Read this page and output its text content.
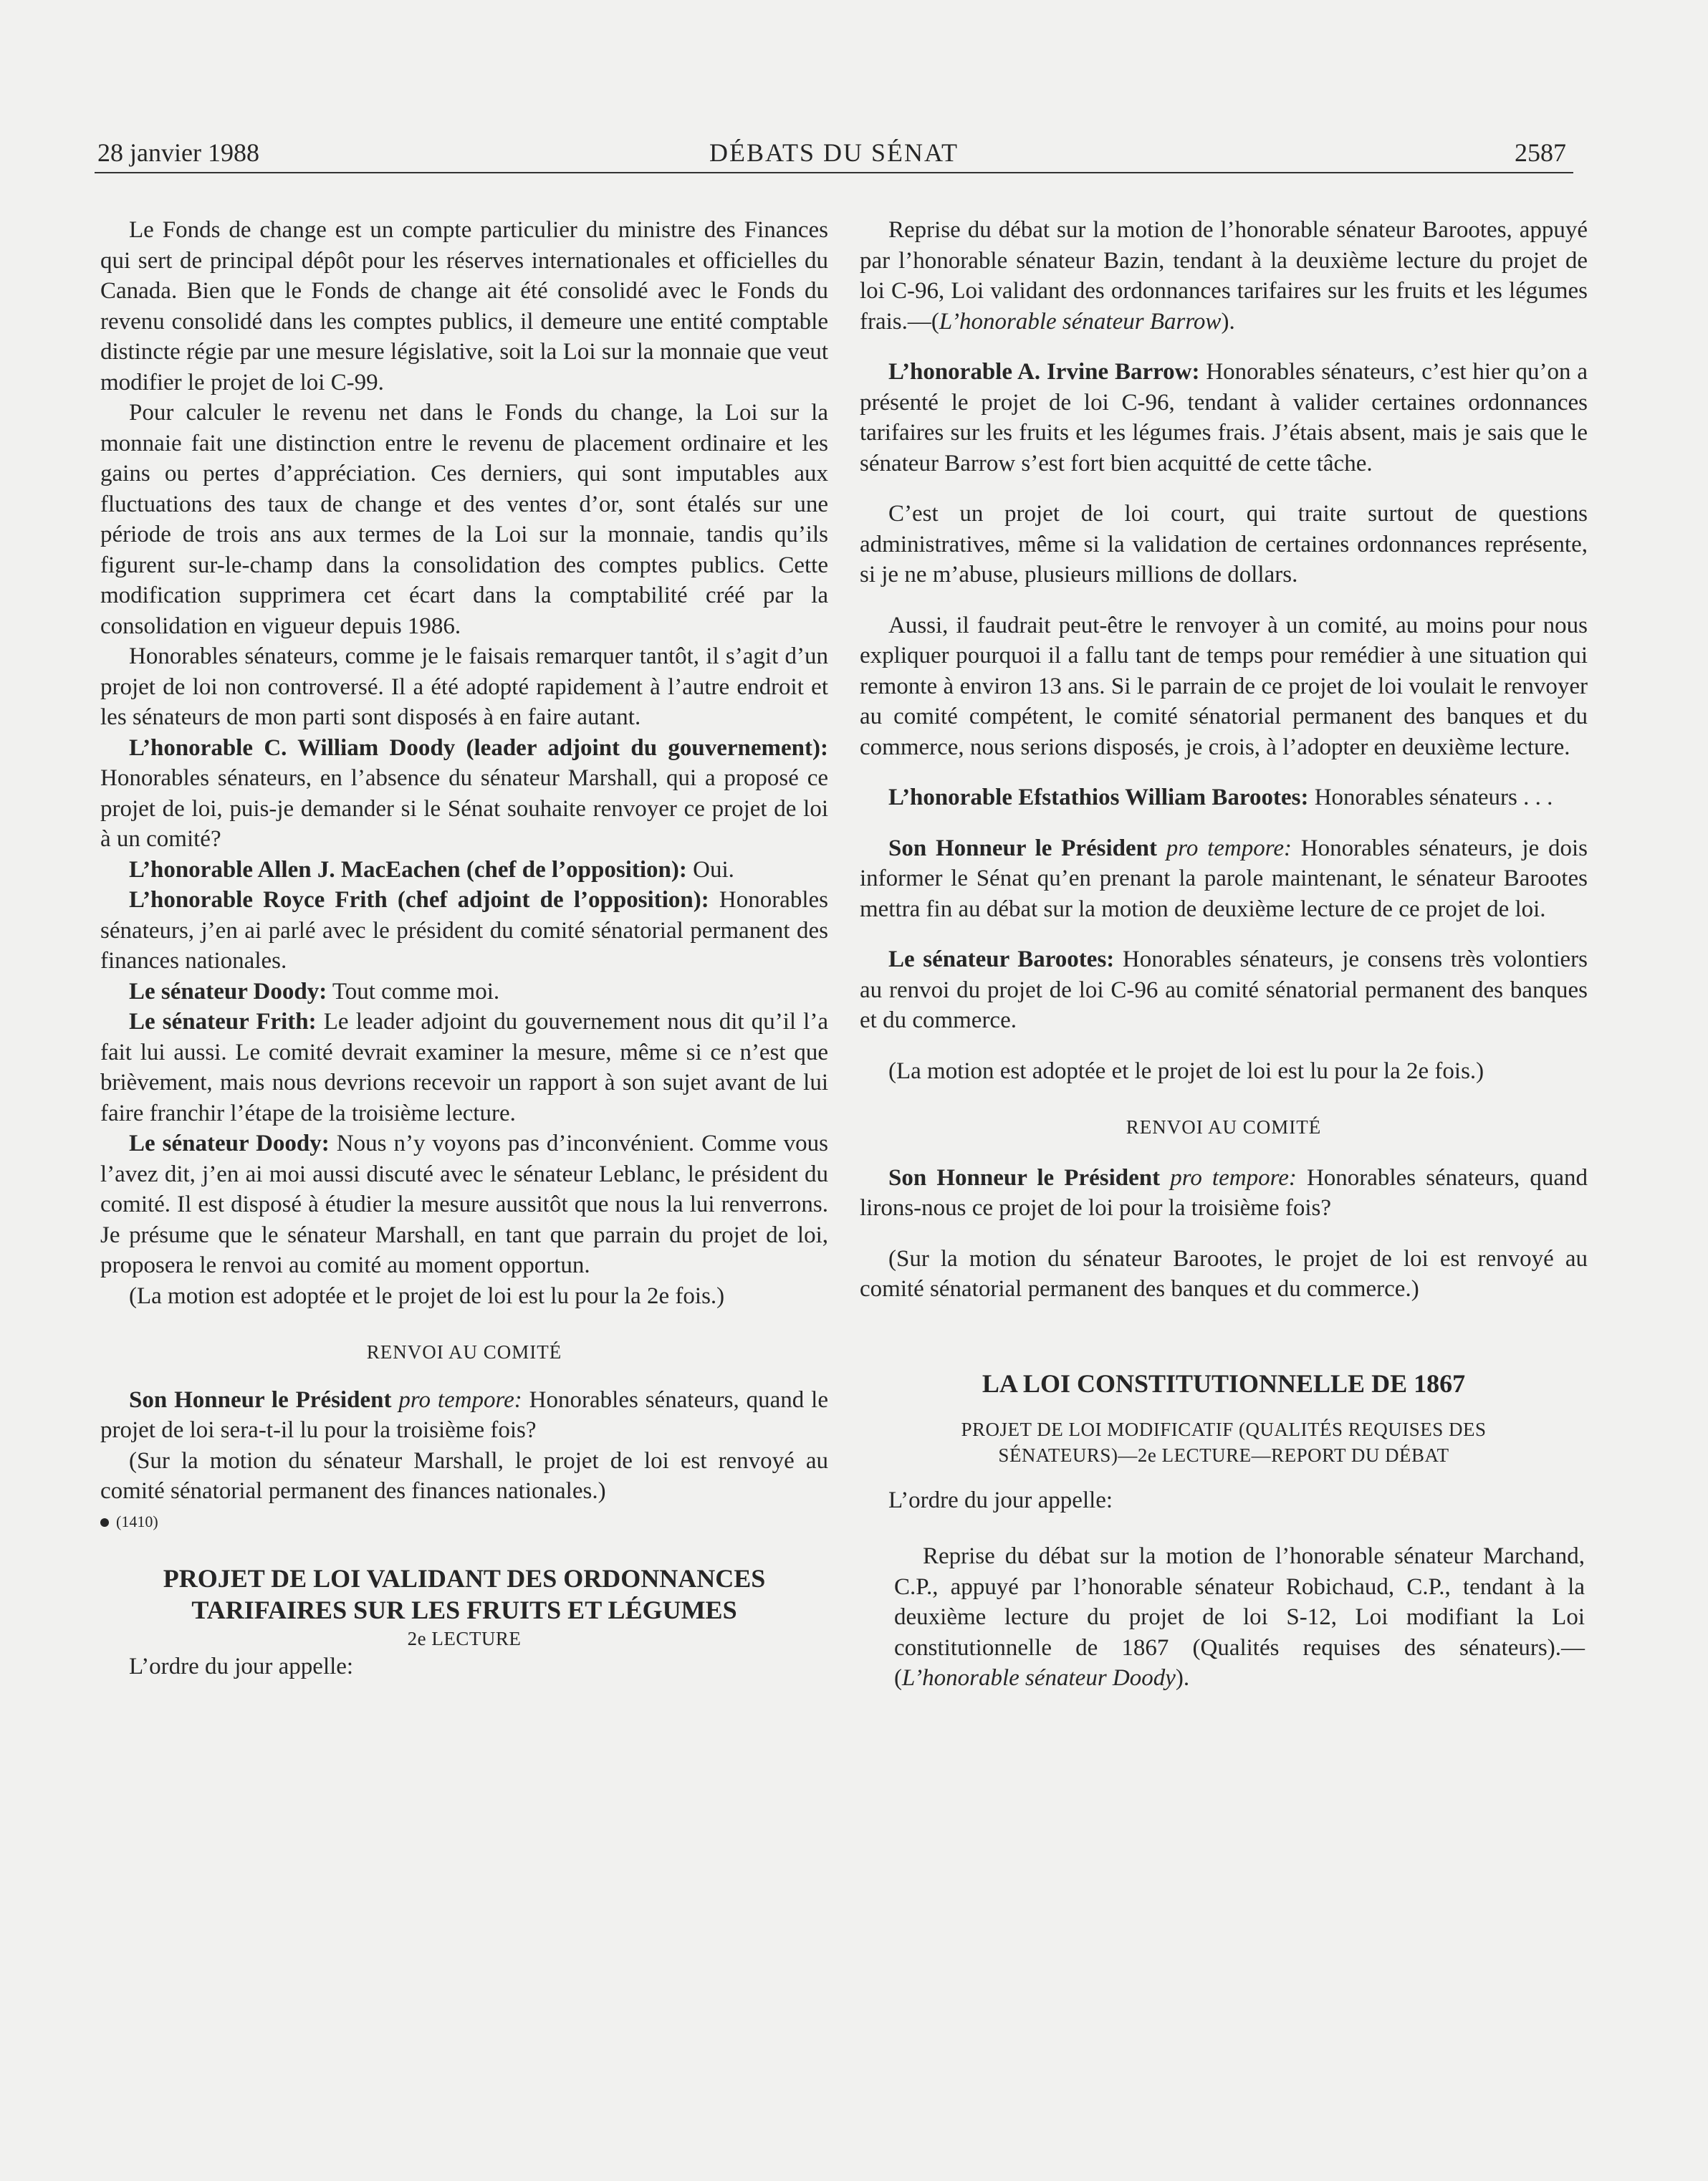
28 janvier 1988	DÉBATS DU SÉNAT	2587

Le Fonds de change est un compte particulier du ministre des Finances qui sert de principal dépôt pour les réserves internationales et officielles du Canada. Bien que le Fonds de change ait été consolidé avec le Fonds du revenu consolidé dans les comptes publics, il demeure une entité comptable distincte régie par une mesure législative, soit la Loi sur la monnaie que veut modifier le projet de loi C-99.

Pour calculer le revenu net dans le Fonds du change, la Loi sur la monnaie fait une distinction entre le revenu de placement ordinaire et les gains ou pertes d’appréciation. Ces derniers, qui sont imputables aux fluctuations des taux de change et des ventes d’or, sont étalés sur une période de trois ans aux termes de la Loi sur la monnaie, tandis qu’ils figurent sur-le-champ dans la consolidation des comptes publics. Cette modification supprimera cet écart dans la comptabilité créé par la consolidation en vigueur depuis 1986.

Honorables sénateurs, comme je le faisais remarquer tantôt, il s’agit d’un projet de loi non controversé. Il a été adopté rapidement à l’autre endroit et les sénateurs de mon parti sont disposés à en faire autant.

L’honorable C. William Doody (leader adjoint du gouvernement): Honorables sénateurs, en l’absence du sénateur Marshall, qui a proposé ce projet de loi, puis-je demander si le Sénat souhaite renvoyer ce projet de loi à un comité?

L’honorable Allen J. MacEachen (chef de l’opposition): Oui.

L’honorable Royce Frith (chef adjoint de l’opposition): Honorables sénateurs, j’en ai parlé avec le président du comité sénatorial permanent des finances nationales.

Le sénateur Doody: Tout comme moi.

Le sénateur Frith: Le leader adjoint du gouvernement nous dit qu’il l’a fait lui aussi. Le comité devrait examiner la mesure, même si ce n’est que brièvement, mais nous devrions recevoir un rapport à son sujet avant de lui faire franchir l’étape de la troisième lecture.

Le sénateur Doody: Nous n’y voyons pas d’inconvénient. Comme vous l’avez dit, j’en ai moi aussi discuté avec le sénateur Leblanc, le président du comité. Il est disposé à étudier la mesure aussitôt que nous la lui renverrons. Je présume que le sénateur Marshall, en tant que parrain du projet de loi, proposera le renvoi au comité au moment opportun.

(La motion est adoptée et le projet de loi est lu pour la 2e fois.)

RENVOI AU COMITÉ

Son Honneur le Président pro tempore: Honorables sénateurs, quand le projet de loi sera-t-il lu pour la troisième fois?

(Sur la motion du sénateur Marshall, le projet de loi est renvoyé au comité sénatorial permanent des finances nationales.)

(1410)

PROJET DE LOI VALIDANT DES ORDONNANCES

TARIFAIRES SUR LES FRUITS ET LÉGUMES

2e LECTURE

L’ordre du jour appelle:

Reprise du débat sur la motion de l’honorable sénateur Barootes, appuyé par l’honorable sénateur Bazin, tendant à la deuxième lecture du projet de loi C-96, Loi validant des ordonnances tarifaires sur les fruits et les légumes frais.—(L’honorable sénateur Barrow).

L’honorable A. Irvine Barrow: Honorables sénateurs, c’est hier qu’on a présenté le projet de loi C-96, tendant à valider certaines ordonnances tarifaires sur les fruits et les légumes frais. J’étais absent, mais je sais que le sénateur Barrow s’est fort bien acquitté de cette tâche.

C’est un projet de loi court, qui traite surtout de questions administratives, même si la validation de certaines ordonnances représente, si je ne m’abuse, plusieurs millions de dollars.

Aussi, il faudrait peut-être le renvoyer à un comité, au moins pour nous expliquer pourquoi il a fallu tant de temps pour remédier à une situation qui remonte à environ 13 ans. Si le parrain de ce projet de loi voulait le renvoyer au comité compétent, le comité sénatorial permanent des banques et du commerce, nous serions disposés, je crois, à l’adopter en deuxième lecture.

L’honorable Efstathios William Barootes: Honorables sénateurs . . .

Son Honneur le Président pro tempore: Honorables sénateurs, je dois informer le Sénat qu’en prenant la parole maintenant, le sénateur Barootes mettra fin au débat sur la motion de deuxième lecture de ce projet de loi.

Le sénateur Barootes: Honorables sénateurs, je consens très volontiers au renvoi du projet de loi C-96 au comité sénatorial permanent des banques et du commerce.

(La motion est adoptée et le projet de loi est lu pour la 2e fois.)

RENVOI AU COMITÉ

Son Honneur le Président pro tempore: Honorables sénateurs, quand lirons-nous ce projet de loi pour la troisième fois?

(Sur la motion du sénateur Barootes, le projet de loi est renvoyé au comité sénatorial permanent des banques et du commerce.)

LA LOI CONSTITUTIONNELLE DE 1867

PROJET DE LOI MODIFICATIF (QUALITÉS REQUISES DES

SÉNATEURS)—2e LECTURE—REPORT DU DÉBAT

L’ordre du jour appelle:

Reprise du débat sur la motion de l’honorable sénateur Marchand, C.P., appuyé par l’honorable sénateur Robichaud, C.P., tendant à la deuxième lecture du projet de loi S-12, Loi modifiant la Loi constitutionnelle de 1867 (Qualités requises des sénateurs).—(L’honorable sénateur Doody).
